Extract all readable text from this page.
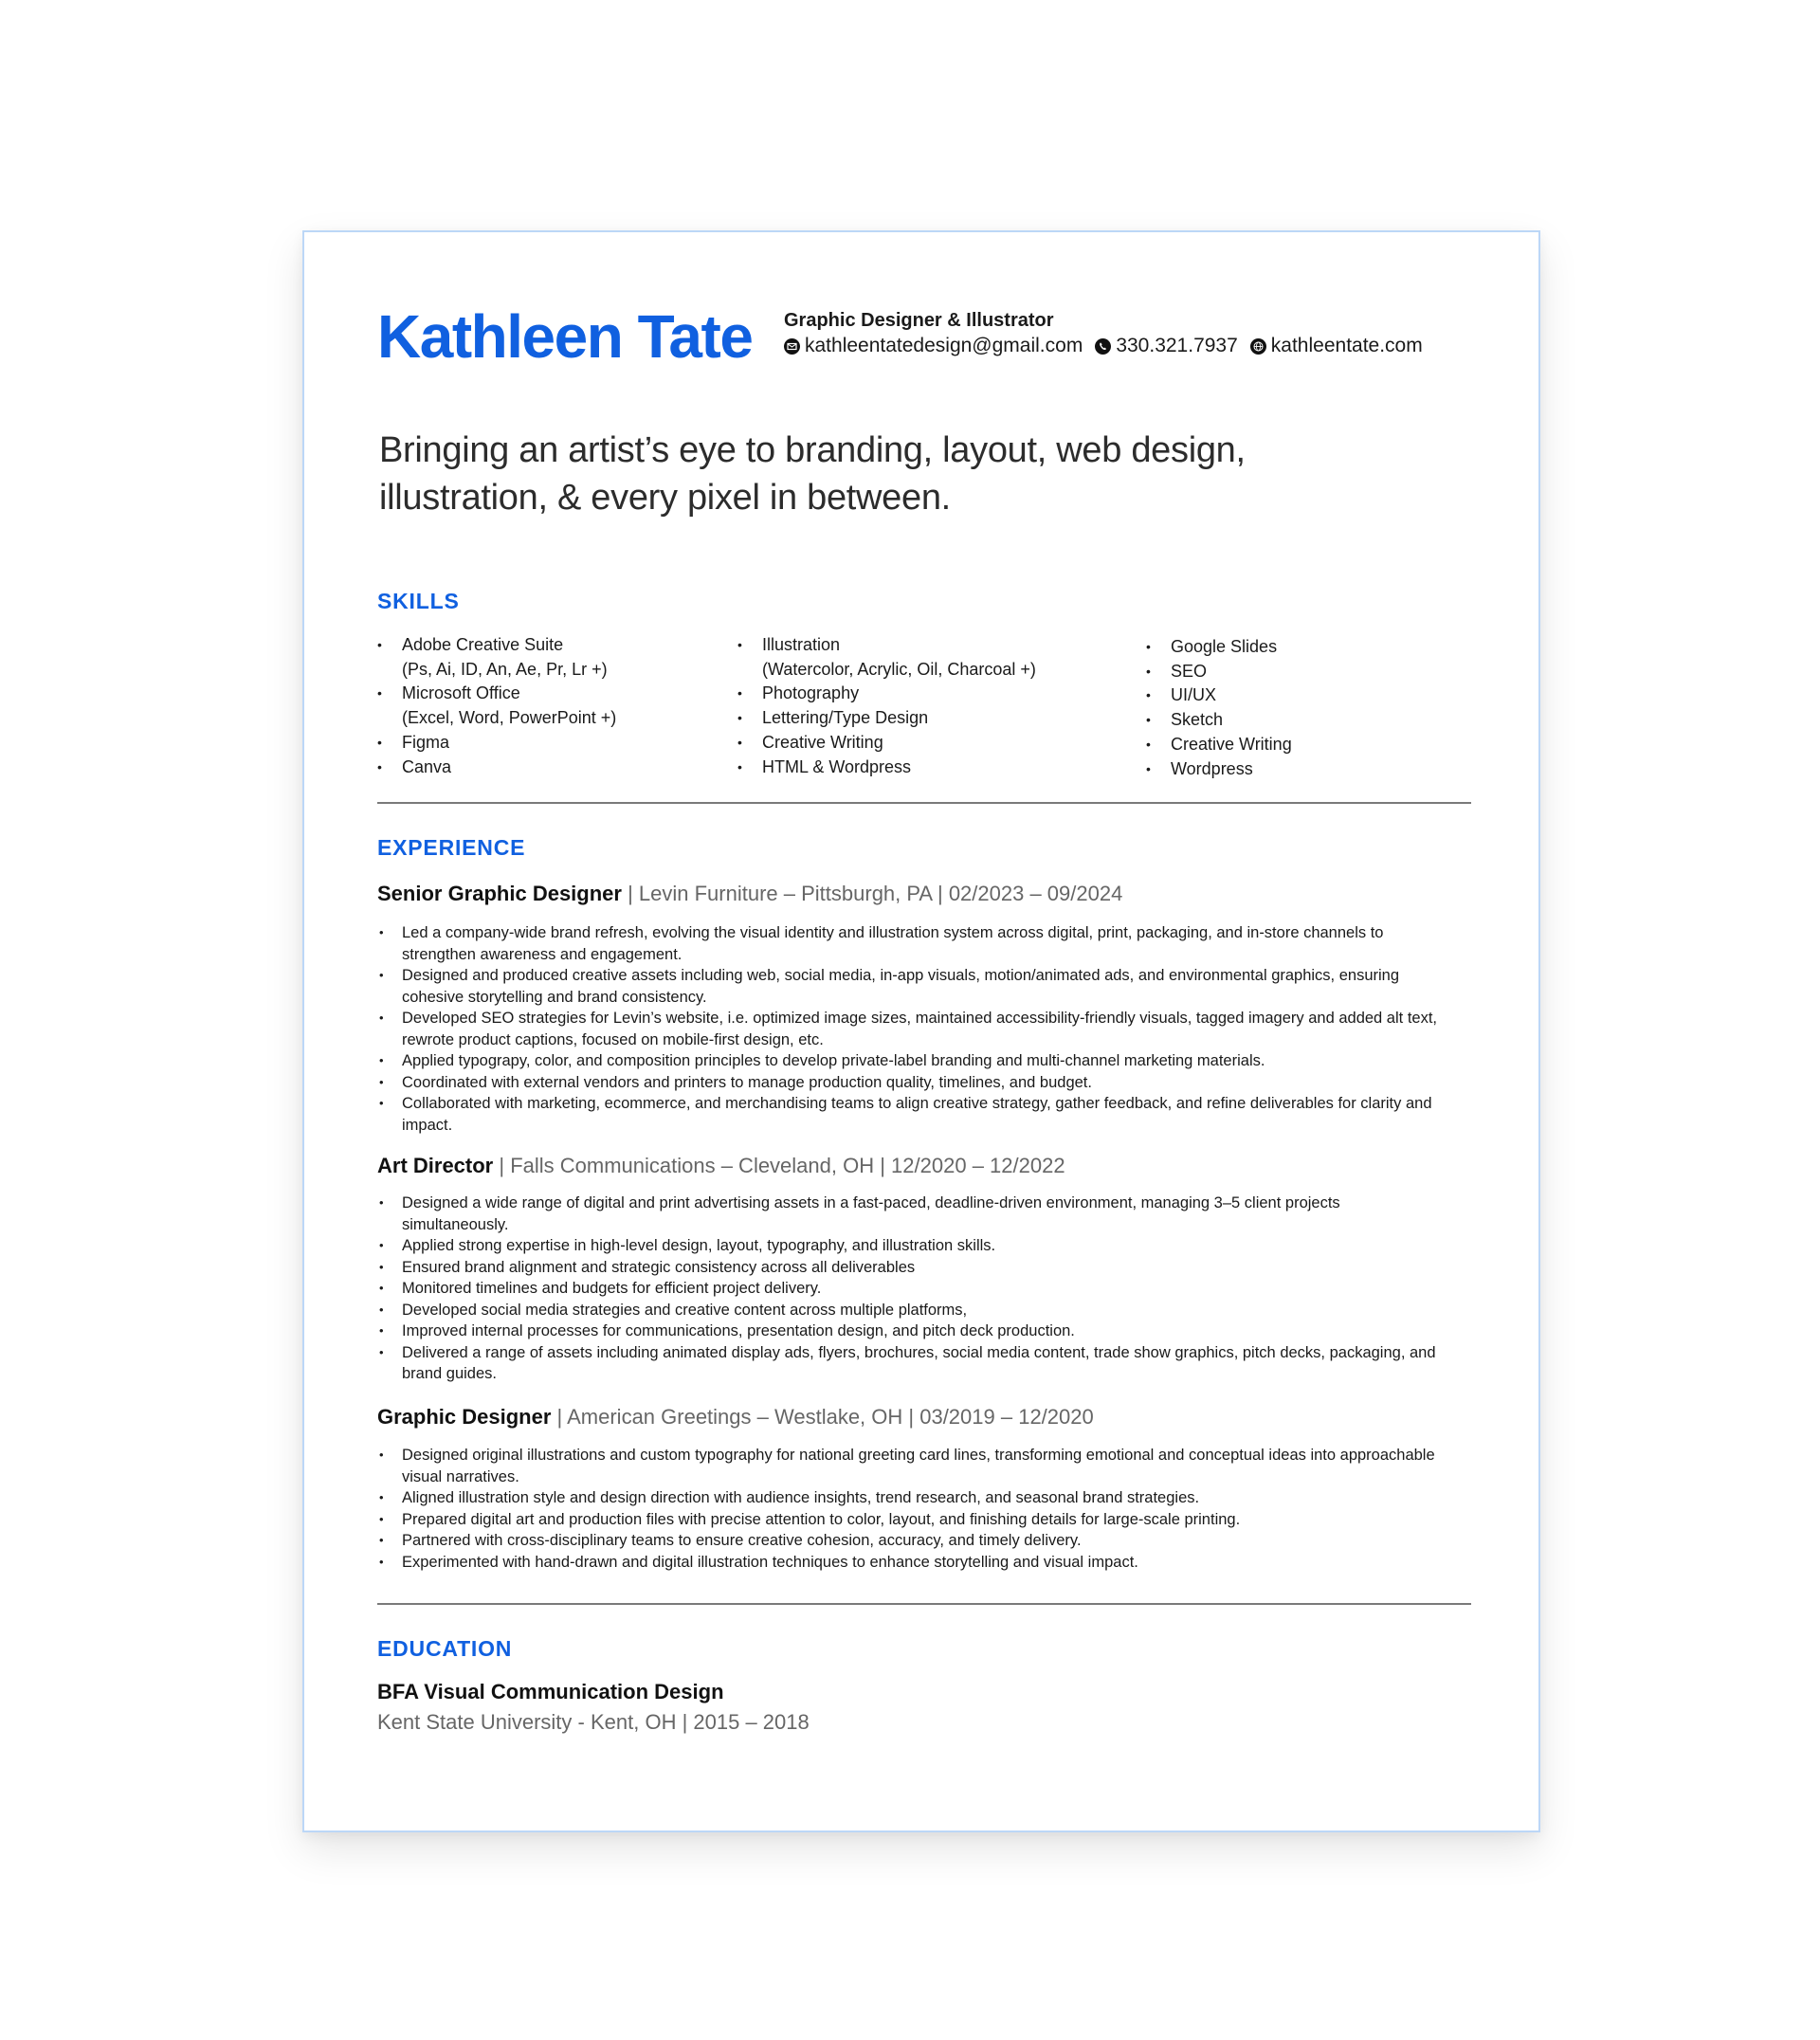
Kathleen Tate Graphic Designer & Illustrator
kathleentatedesign@gmail.com 330.321.7937 kathleentate.com
Bringing an artist’s eye to branding, layout, web design,
illustration, & every pixel in between.
SKILLS
• Adobe Creative Suite
(Ps, Ai, ID, An, Ae, Pr, Lr +)
• Microsoft Office
(Excel, Word, PowerPoint +)
• Figma
• Canva
• Illustration
(Watercolor, Acrylic, Oil, Charcoal +)
• Photography
• Lettering/Type Design
• Creative Writing
• HTML & Wordpress
• Google Slides
• SEO
• UI/UX
• Sketch
• Creative Writing
• Wordpress
EXPERIENCE
Senior Graphic Designer | Levin Furniture – Pittsburgh, PA | 02/2023 – 09/2024
• Led a company-wide brand refresh, evolving the visual identity and illustration system across digital, print, packaging, and in-store channels to strengthen awareness and engagement.
• Designed and produced creative assets including web, social media, in-app visuals, motion/animated ads, and environmental graphics, ensuring cohesive storytelling and brand consistency.
• Developed SEO strategies for Levin’s website, i.e. optimized image sizes, maintained accessibility-friendly visuals, tagged imagery and added alt text, rewrote product captions, focused on mobile-first design, etc.
• Applied typograpy, color, and composition principles to develop private-label branding and multi-channel marketing materials.
• Coordinated with external vendors and printers to manage production quality, timelines, and budget.
• Collaborated with marketing, ecommerce, and merchandising teams to align creative strategy, gather feedback, and refine deliverables for clarity and impact.
Art Director | Falls Communications – Cleveland, OH | 12/2020 – 12/2022
• Designed a wide range of digital and print advertising assets in a fast-paced, deadline-driven environment, managing 3–5 client projects simultaneously.
• Applied strong expertise in high-level design, layout, typography, and illustration skills.
• Ensured brand alignment and strategic consistency across all deliverables
• Monitored timelines and budgets for efficient project delivery.
• Developed social media strategies and creative content across multiple platforms,
• Improved internal processes for communications, presentation design, and pitch deck production.
• Delivered a range of assets including animated display ads, flyers, brochures, social media content, trade show graphics, pitch decks, packaging, and brand guides.
Graphic Designer | American Greetings – Westlake, OH | 03/2019 – 12/2020
• Designed original illustrations and custom typography for national greeting card lines, transforming emotional and conceptual ideas into approachable visual narratives.
• Aligned illustration style and design direction with audience insights, trend research, and seasonal brand strategies.
• Prepared digital art and production files with precise attention to color, layout, and finishing details for large-scale printing.
• Partnered with cross-disciplinary teams to ensure creative cohesion, accuracy, and timely delivery.
• Experimented with hand-drawn and digital illustration techniques to enhance storytelling and visual impact.
EDUCATION
BFA Visual Communication Design
Kent State University - Kent, OH | 2015 – 2018
